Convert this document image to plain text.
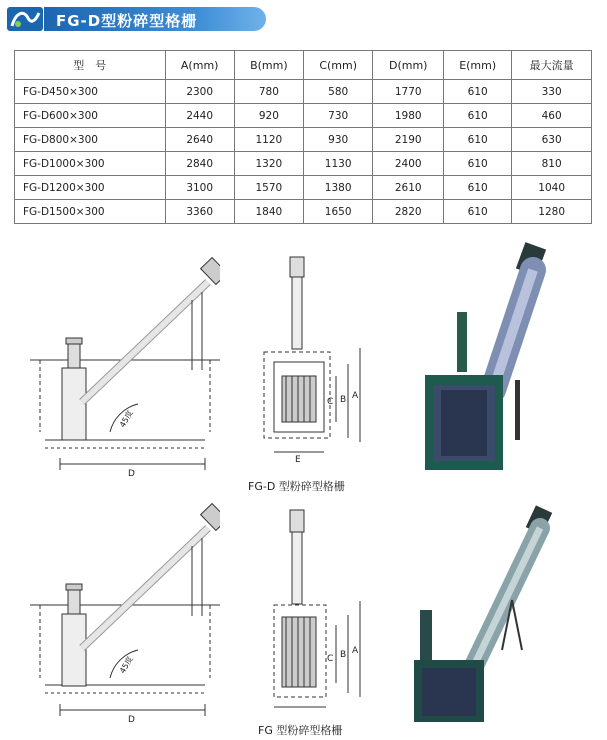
FG-D型粉碎型格栅
型　号	A(mm)	B(mm)	C(mm)	D(mm)	E(mm)	最大流量
FG-D450×300	2300	780	580	1770	610	330
FG-D600×300	2440	920	730	1980	610	460
FG-D800×300	2640	1120	930	2190	610	630
FG-D1000×300	2840	1320	1130	2400	610	810
FG-D1200×300	3100	1570	1380	2610	610	1040
FG-D1500×300	3360	1840	1650	2820	610	1280
45度
D
C B A
E
FG-D 型粉碎型格栅
45度
D
C B A
FG 型粉碎型格栅
